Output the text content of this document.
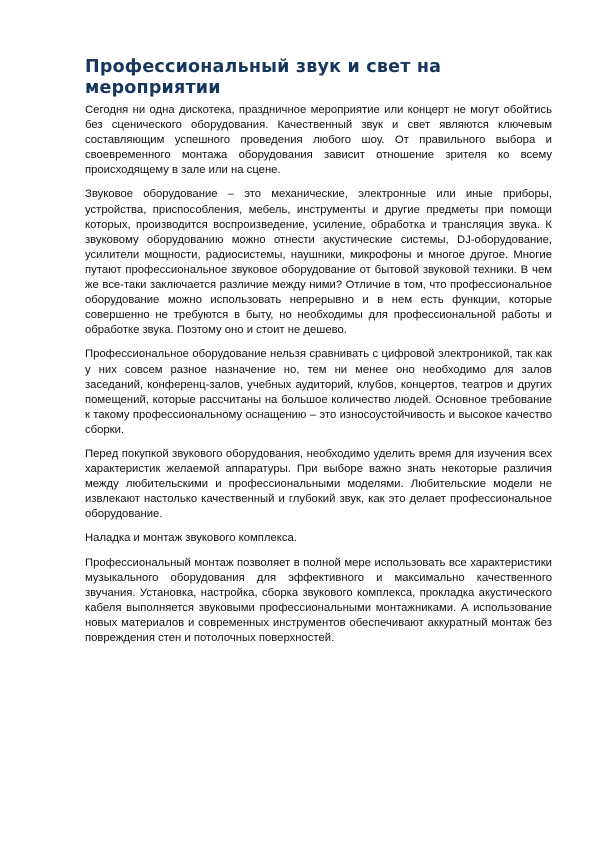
Профессиональный звук и свет на мероприятии

Сегодня ни одна дискотека, праздничное мероприятие или концерт не могут обойтись без сценического оборудования. Качественный звук и свет являются ключевым составляющим успешного проведения любого шоу. От правильного выбора и своевременного монтажа оборудования зависит отношение зрителя ко всему происходящему в зале или на сцене.

Звуковое оборудование – это механические, электронные или иные приборы, устройства, приспособления, мебель, инструменты и другие предметы при помощи которых, производится воспроизведение, усиление, обработка и трансляция звука. К звуковому оборудованию можно отнести акустические системы, DJ-оборудование, усилители мощности, радиосистемы, наушники, микрофоны и многое другое. Многие путают профессиональное звуковое оборудование от бытовой звуковой техники. В чем же все-таки заключается различие между ними? Отличие в том, что профессиональное оборудование можно использовать непрерывно и в нем есть функции, которые совершенно не требуются в быту, но необходимы для профессиональной работы и обработке звука. Поэтому оно и стоит не дешево.

Профессиональное оборудование нельзя сравнивать с цифровой электроникой, так как у них совсем разное назначение но, тем ни менее оно необходимо для залов заседаний, конференц-залов, учебных аудиторий, клубов, концертов, театров и других помещений, которые рассчитаны на большое количество людей. Основное требование к такому профессиональному оснащению – это износоустойчивость и высокое качество сборки.

Перед покупкой звукового оборудования, необходимо уделить время для изучения всех характеристик желаемой аппаратуры. При выборе важно знать некоторые различия между любительскими и профессиональными моделями. Любительские модели не извлекают настолько качественный и глубокий звук, как это делает профессиональное оборудование.

Наладка и монтаж звукового комплекса.

Профессиональный монтаж позволяет в полной мере использовать все характеристики музыкального оборудования для эффективного и максимально качественного звучания. Установка, настройка, сборка звукового комплекса, прокладка акустического кабеля выполняется звуковыми профессиональными монтажниками. А использование новых материалов и современных инструментов обеспечивают аккуратный монтаж без повреждения стен и потолочных поверхностей.
